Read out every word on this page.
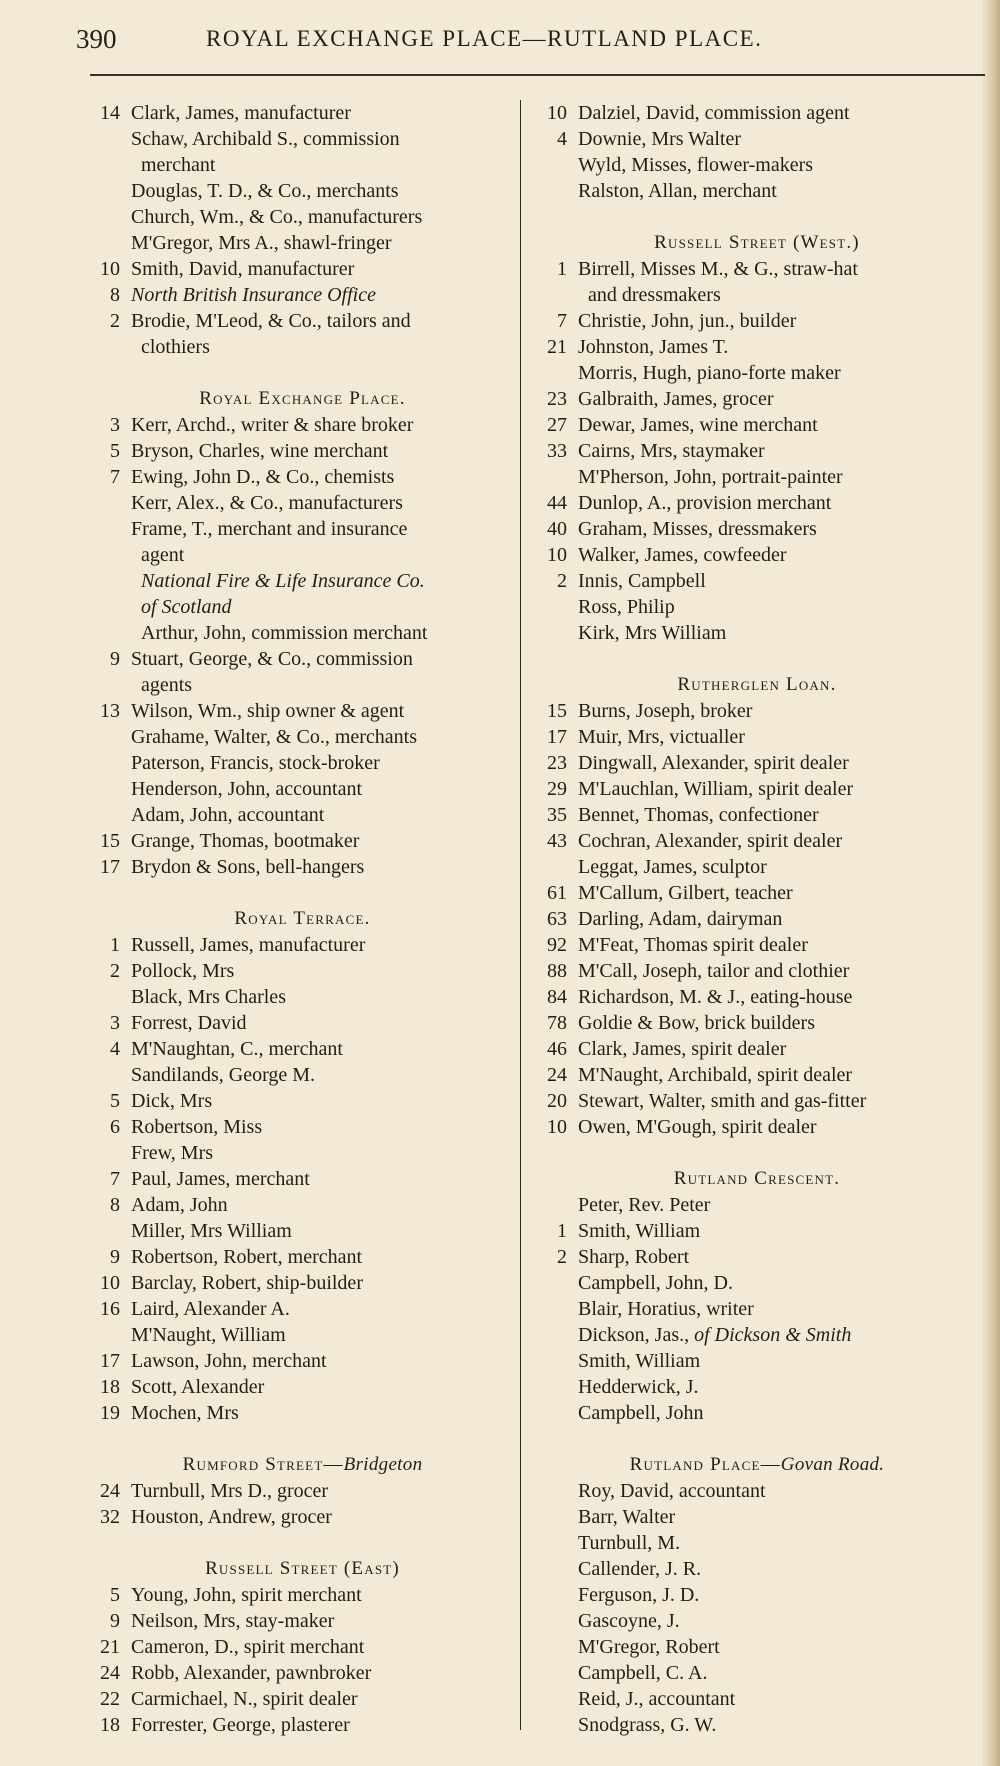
390	ROYAL EXCHANGE PLACE—RUTLAND PLACE.
14 Clark, James, manufacturer
Schaw, Archibald S., commission
merchant
Douglas, T. D., & Co., merchants
Church, Wm., & Co., manufacturers
M'Gregor, Mrs A., shawl-fringer
10 Smith, David, manufacturer
8 North British Insurance Office
2 Brodie, M'Leod, & Co., tailors and
clothiers
Royal Exchange Place.
3 Kerr, Archd., writer & share broker
5 Bryson, Charles, wine merchant
7 Ewing, John D., & Co., chemists
Kerr, Alex., & Co., manufacturers
Frame, T., merchant and insurance
agent
National Fire & Life Insurance Co.
of Scotland
Arthur, John, commission merchant
9 Stuart, George, & Co., commission
agents
13 Wilson, Wm., ship owner & agent
Grahame, Walter, & Co., merchants
Paterson, Francis, stock-broker
Henderson, John, accountant
Adam, John, accountant
15 Grange, Thomas, bootmaker
17 Brydon & Sons, bell-hangers
Royal Terrace.
1 Russell, James, manufacturer
2 Pollock, Mrs
Black, Mrs Charles
3 Forrest, David
4 M'Naughtan, C., merchant
Sandilands, George M.
5 Dick, Mrs
6 Robertson, Miss
Frew, Mrs
7 Paul, James, merchant
8 Adam, John
Miller, Mrs William
9 Robertson, Robert, merchant
10 Barclay, Robert, ship-builder
16 Laird, Alexander A.
M'Naught, William
17 Lawson, John, merchant
18 Scott, Alexander
19 Mochen, Mrs
Rumford Street—Bridgeton
24 Turnbull, Mrs D., grocer
32 Houston, Andrew, grocer
Russell Street (East)
5 Young, John, spirit merchant
9 Neilson, Mrs, stay-maker
21 Cameron, D., spirit merchant
24 Robb, Alexander, pawnbroker
22 Carmichael, N., spirit dealer
18 Forrester, George, plasterer
10 Dalziel, David, commission agent
4 Downie, Mrs Walter
Wyld, Misses, flower-makers
Ralston, Allan, merchant
Russell Street (West.)
1 Birrell, Misses M., & G., straw-hat
and dressmakers
7 Christie, John, jun., builder
21 Johnston, James T.
Morris, Hugh, piano-forte maker
23 Galbraith, James, grocer
27 Dewar, James, wine merchant
33 Cairns, Mrs, staymaker
M'Pherson, John, portrait-painter
44 Dunlop, A., provision merchant
40 Graham, Misses, dressmakers
10 Walker, James, cowfeeder
2 Innis, Campbell
Ross, Philip
Kirk, Mrs William
Rutherglen Loan.
15 Burns, Joseph, broker
17 Muir, Mrs, victualler
23 Dingwall, Alexander, spirit dealer
29 M'Lauchlan, William, spirit dealer
35 Bennet, Thomas, confectioner
43 Cochran, Alexander, spirit dealer
Leggat, James, sculptor
61 M'Callum, Gilbert, teacher
63 Darling, Adam, dairyman
92 M'Feat, Thomas spirit dealer
88 M'Call, Joseph, tailor and clothier
84 Richardson, M. & J., eating-house
78 Goldie & Bow, brick builders
46 Clark, James, spirit dealer
24 M'Naught, Archibald, spirit dealer
20 Stewart, Walter, smith and gas-fitter
10 Owen, M'Gough, spirit dealer
Rutland Crescent.
Peter, Rev. Peter
1 Smith, William
2 Sharp, Robert
Campbell, John, D.
Blair, Horatius, writer
Dickson, Jas., of Dickson & Smith
Smith, William
Hedderwick, J.
Campbell, John
Rutland Place—Govan Road.
Roy, David, accountant
Barr, Walter
Turnbull, M.
Callender, J. R.
Ferguson, J. D.
Gascoyne, J.
M'Gregor, Robert
Campbell, C. A.
Reid, J., accountant
Snodgrass, G. W.
